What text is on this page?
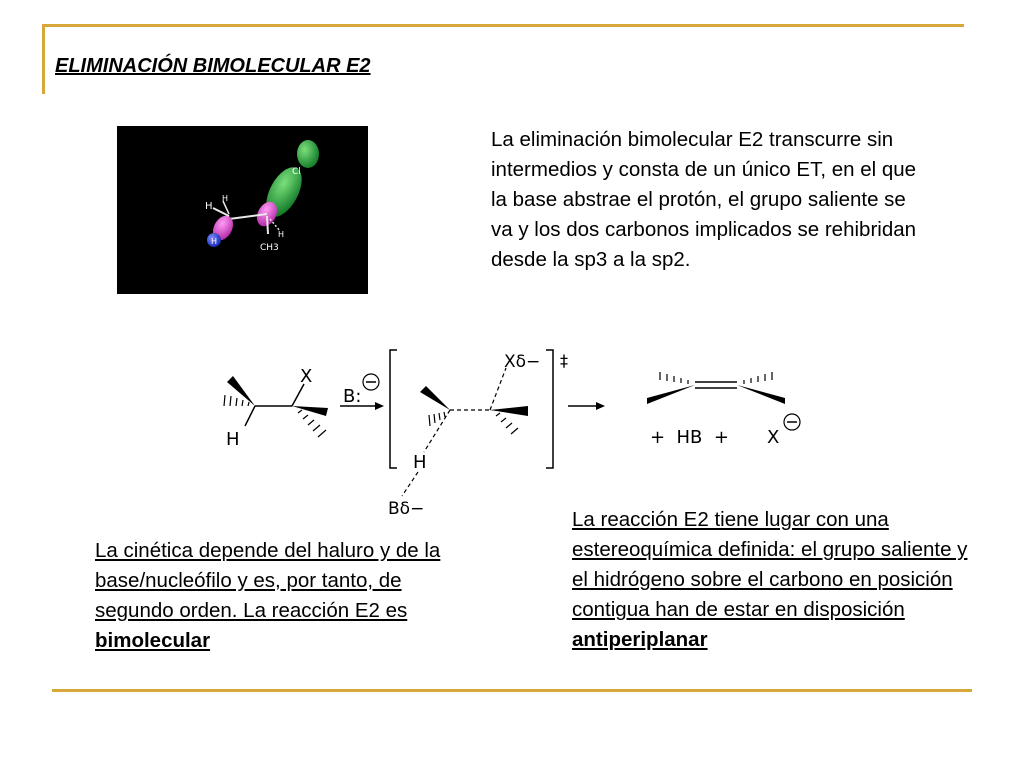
ELIMINACIÓN BIMOLECULAR E2
Cl
H
H
H
H
CH3
La eliminación bimolecular E2 transcurre sin intermedios y consta de un único ET, en el que la base abstrae el protón, el grupo saliente se va y los dos carbonos implicados se rehibridan desde la sp3 a la sp2.
H
X
B:
‡
Xδ−
H
Bδ−
+  HB  + X
La cinética depende del haluro y de la base/nucleófilo y es, por tanto, de segundo orden. La reacción E2 es bimolecular
La reacción E2 tiene lugar con una estereoquímica definida: el grupo saliente y el hidrógeno sobre el carbono en posición contigua han de estar en disposición antiperiplanar
